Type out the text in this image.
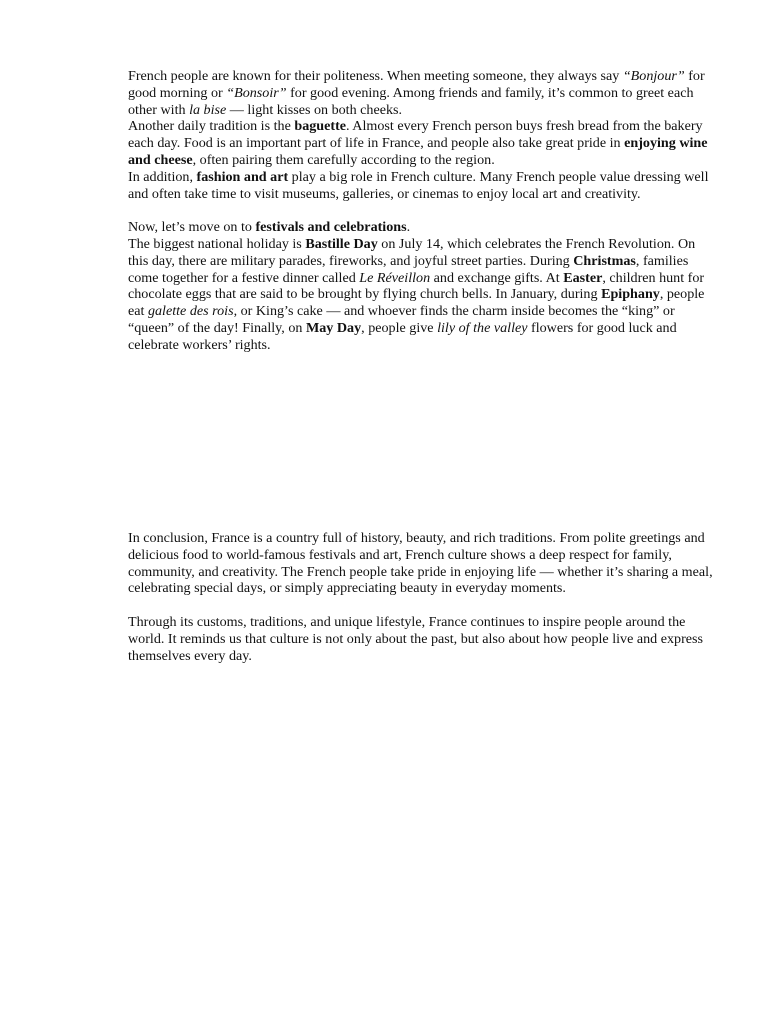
French people are known for their politeness. When meeting someone, they always say “Bonjour” for good morning or “Bonsoir” for good evening. Among friends and family, it’s common to greet each other with la bise — light kisses on both cheeks.

Another daily tradition is the baguette. Almost every French person buys fresh bread from the bakery each day. Food is an important part of life in France, and people also take great pride in enjoying wine and cheese, often pairing them carefully according to the region.

In addition, fashion and art play a big role in French culture. Many French people value dressing well and often take time to visit museums, galleries, or cinemas to enjoy local art and creativity.

Now, let’s move on to festivals and celebrations.

The biggest national holiday is Bastille Day on July 14, which celebrates the French Revolution. On this day, there are military parades, fireworks, and joyful street parties. During Christmas, families come together for a festive dinner called Le Réveillon and exchange gifts. At Easter, children hunt for chocolate eggs that are said to be brought by flying church bells. In January, during Epiphany, people eat galette des rois, or King’s cake — and whoever finds the charm inside becomes the “king” or “queen” of the day! Finally, on May Day, people give lily of the valley flowers for good luck and celebrate workers’ rights.

In conclusion, France is a country full of history, beauty, and rich traditions. From polite greetings and delicious food to world-famous festivals and art, French culture shows a deep respect for family, community, and creativity. The French people take pride in enjoying life — whether it’s sharing a meal, celebrating special days, or simply appreciating beauty in everyday moments.

Through its customs, traditions, and unique lifestyle, France continues to inspire people around the world. It reminds us that culture is not only about the past, but also about how people live and express themselves every day.
